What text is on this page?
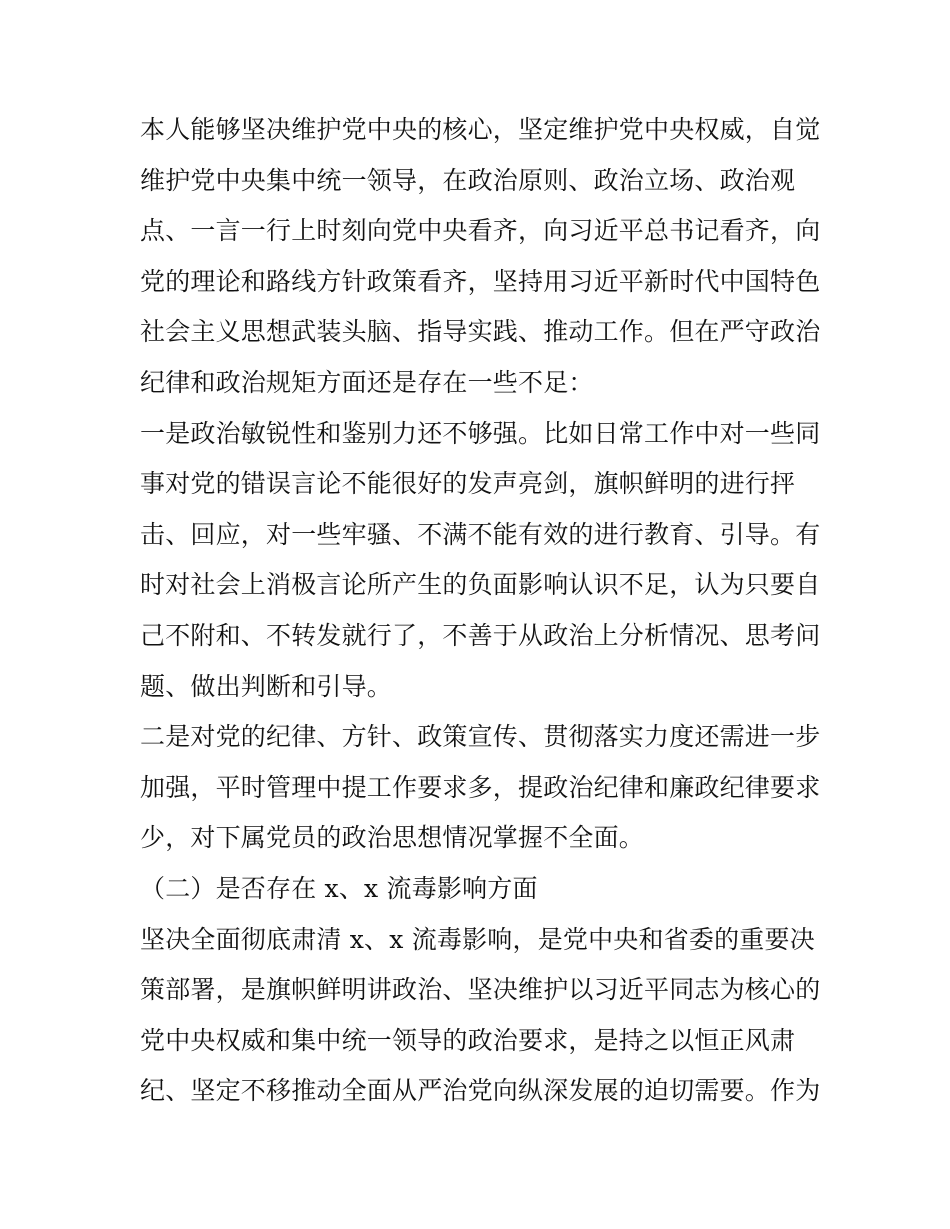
本人能够坚决维护党中央的核心，坚定维护党中央权威，自觉
维护党中央集中统一领导，在政治原则、政治立场、政治观
点、一言一行上时刻向党中央看齐，向习近平总书记看齐，向
党的理论和路线方针政策看齐，坚持用习近平新时代中国特色
社会主义思想武装头脑、指导实践、推动工作。但在严守政治
纪律和政治规矩方面还是存在一些不足：
一是政治敏锐性和鉴别力还不够强。比如日常工作中对一些同
事对党的错误言论不能很好的发声亮剑，旗帜鲜明的进行抨
击、回应，对一些牢骚、不满不能有效的进行教育、引导。有
时对社会上消极言论所产生的负面影响认识不足，认为只要自
己不附和、不转发就行了，不善于从政治上分析情况、思考问
题、做出判断和引导。
二是对党的纪律、方针、政策宣传、贯彻落实力度还需进一步
加强，平时管理中提工作要求多，提政治纪律和廉政纪律要求
少，对下属党员的政治思想情况掌握不全面。
（二）是否存在 x、x 流毒影响方面
坚决全面彻底肃清 x、x 流毒影响，是党中央和省委的重要决
策部署，是旗帜鲜明讲政治、坚决维护以习近平同志为核心的
党中央权威和集中统一领导的政治要求，是持之以恒正风肃
纪、坚定不移推动全面从严治党向纵深发展的迫切需要。作为
